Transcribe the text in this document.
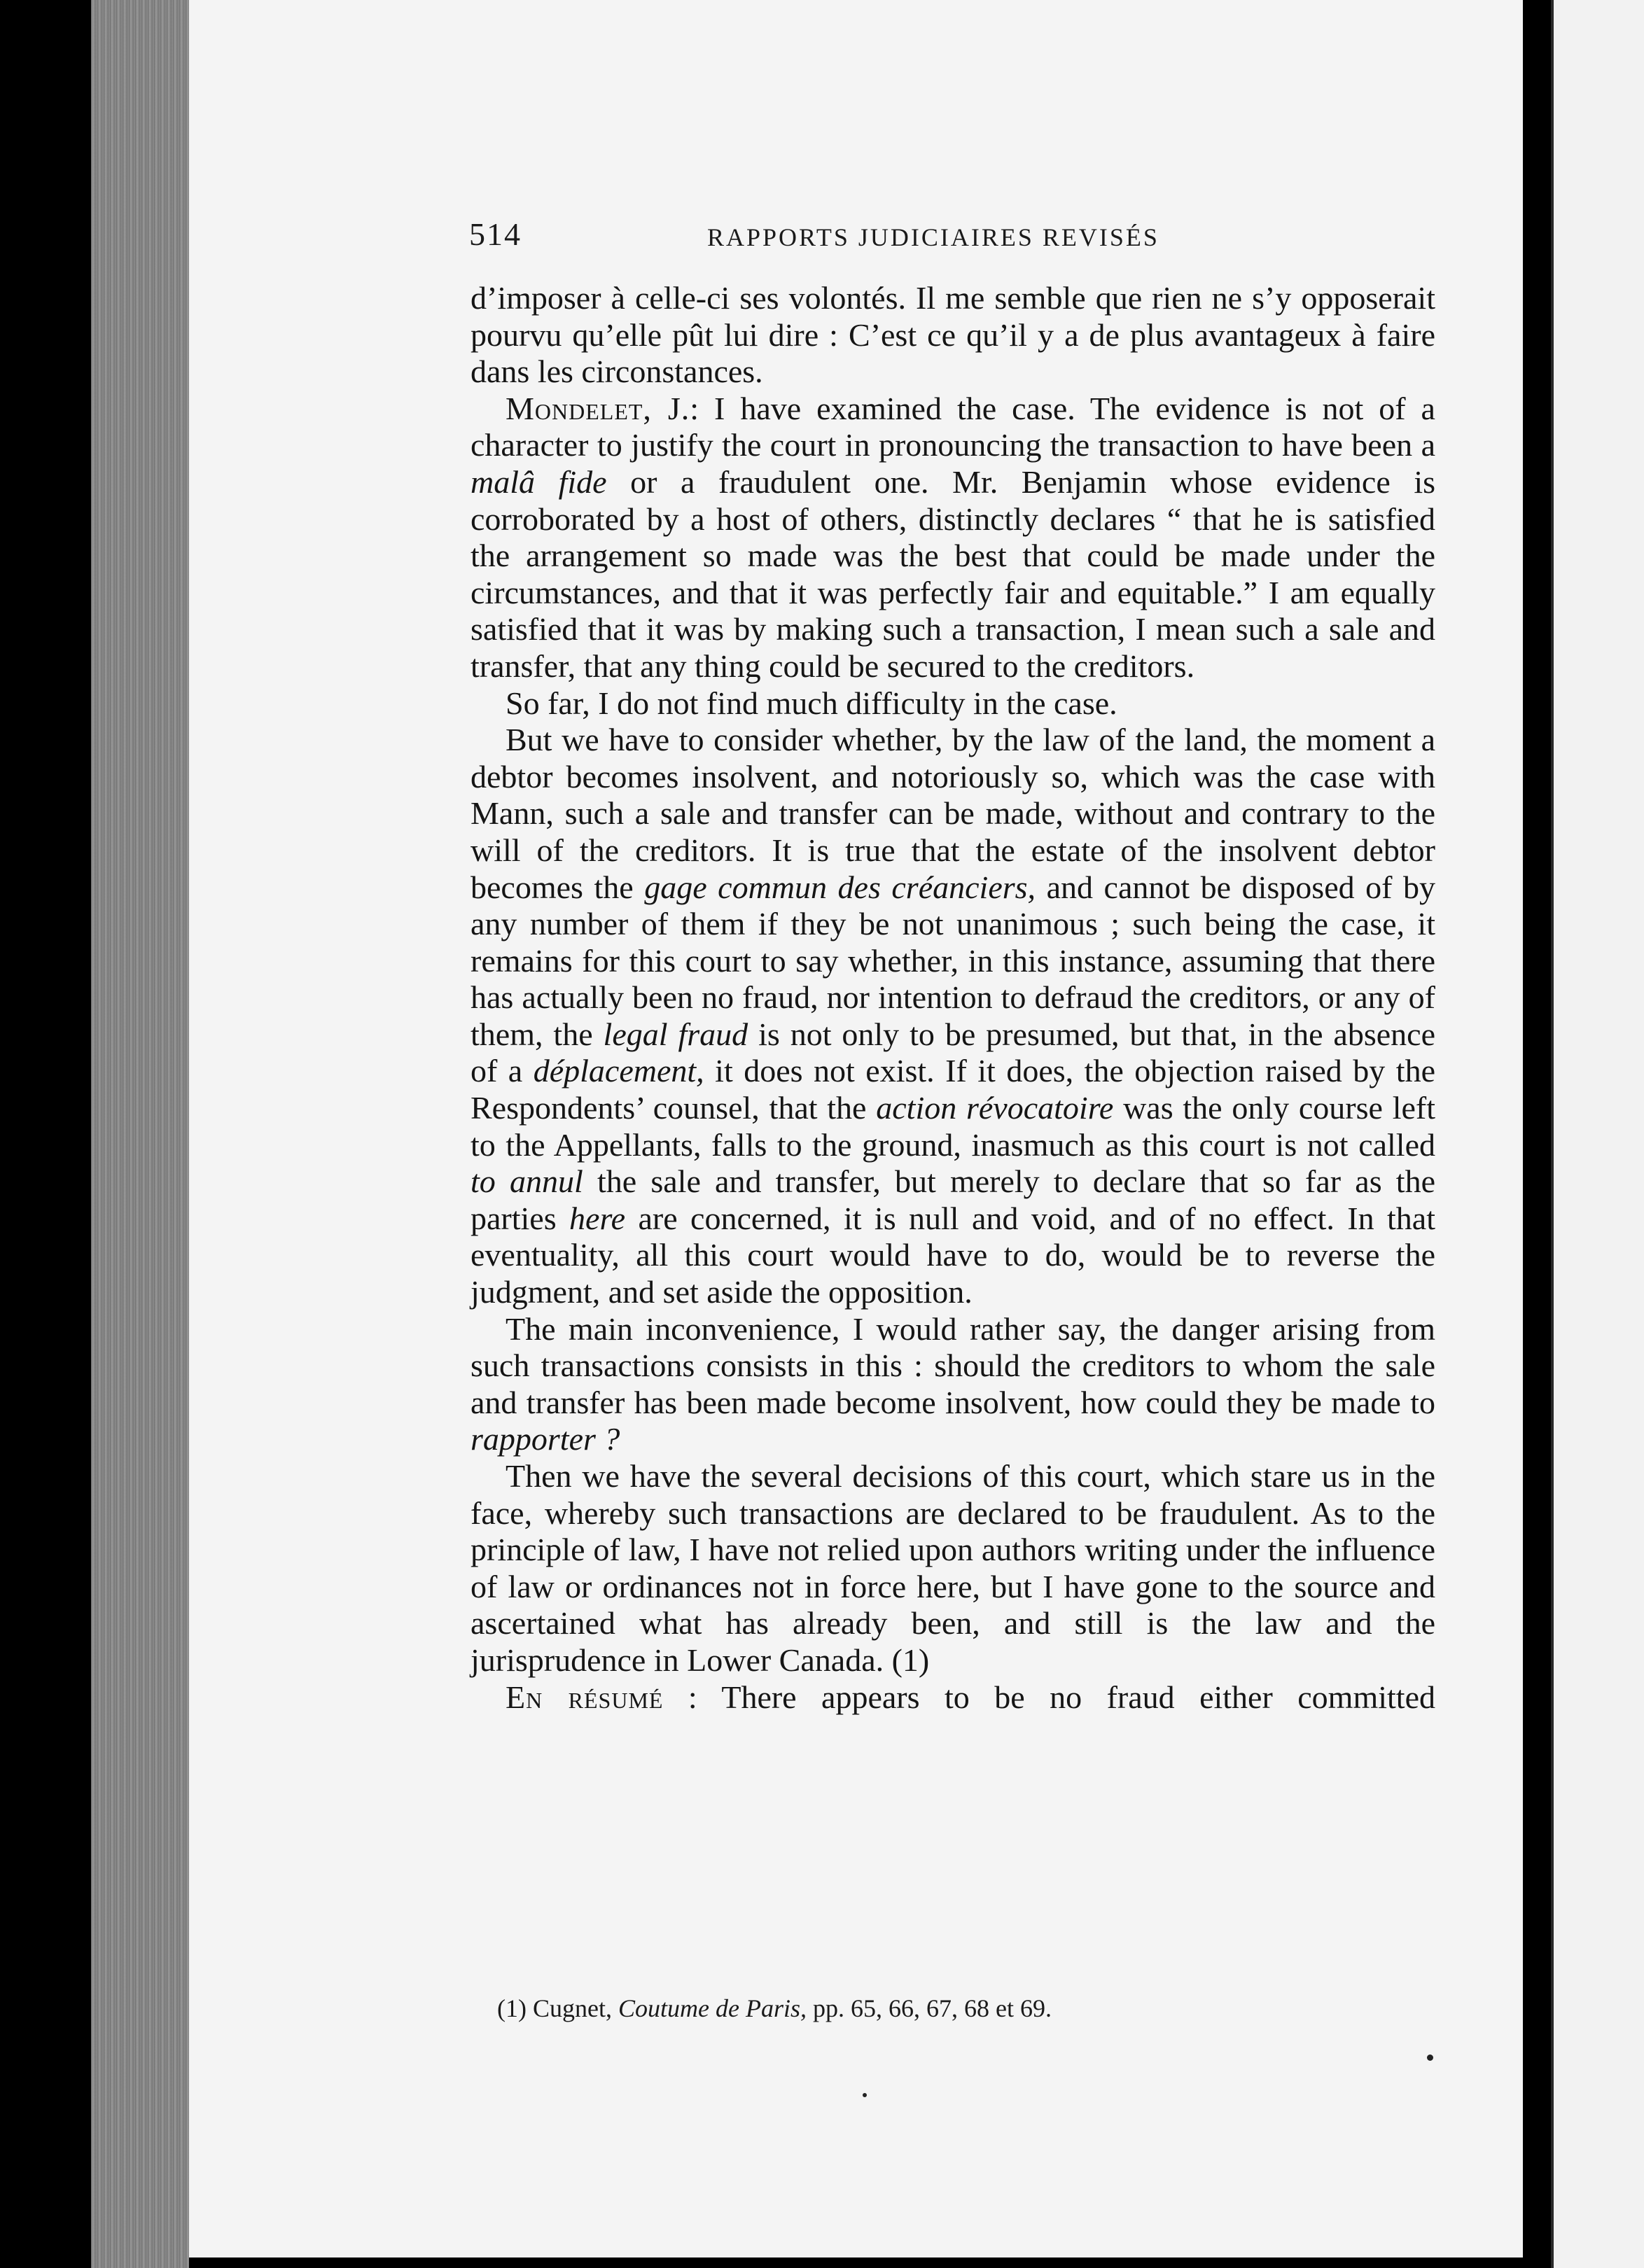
514	RAPPORTS JUDICIAIRES REVISÉS

d’imposer à celle-ci ses volontés. Il me semble que rien ne s’y opposerait pourvu qu’elle pût lui dire : C’est ce qu’il y a de plus avantageux à faire dans les circonstances.

Mondelet, J.: I have examined the case. The evidence is not of a character to justify the court in pronouncing the transaction to have been a malâ fide or a fraudulent one. Mr. Benjamin whose evidence is corroborated by a host of others, distinctly declares “ that he is satisfied the arrangement so made was the best that could be made under the circumstances, and that it was perfectly fair and equitable.” I am equally satisfied that it was by making such a transaction, I mean such a sale and transfer, that any thing could be secured to the creditors.

So far, I do not find much difficulty in the case.

But we have to consider whether, by the law of the land, the moment a debtor becomes insolvent, and notoriously so, which was the case with Mann, such a sale and transfer can be made, without and contrary to the will of the creditors. It is true that the estate of the insolvent debtor becomes the gage commun des créanciers, and cannot be disposed of by any number of them if they be not unanimous ; such being the case, it remains for this court to say whether, in this instance, assuming that there has actually been no fraud, nor intention to defraud the creditors, or any of them, the legal fraud is not only to be presumed, but that, in the absence of a déplacement, it does not exist. If it does, the objection raised by the Respondents’ counsel, that the action révocatoire was the only course left to the Appellants, falls to the ground, inasmuch as this court is not called to annul the sale and transfer, but merely to declare that so far as the parties here are concerned, it is null and void, and of no effect. In that eventuality, all this court would have to do, would be to reverse the judgment, and set aside the opposition.

The main inconvenience, I would rather say, the danger arising from such transactions consists in this : should the creditors to whom the sale and transfer has been made become insolvent, how could they be made to rapporter ?

Then we have the several decisions of this court, which stare us in the face, whereby such transactions are declared to be fraudulent. As to the principle of law, I have not relied upon authors writing under the influence of law or ordinances not in force here, but I have gone to the source and ascertained what has already been, and still is the law and the jurisprudence in Lower Canada. (1)

En résumé : There appears to be no fraud either committed

(1) Cugnet, Coutume de Paris, pp. 65, 66, 67, 68 et 69.
